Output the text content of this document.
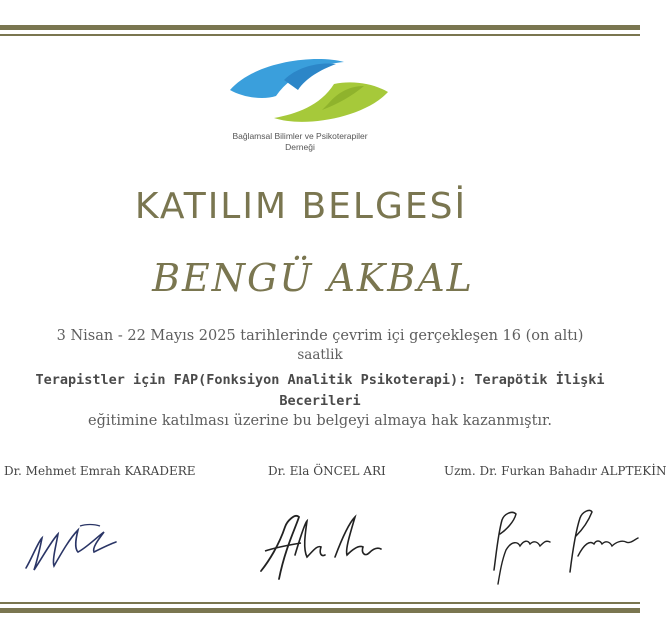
Bağlamsal Bilimler ve Psikoterapiler
Derneği
KATILIM BELGESİ
BENGÜ AKBAL
3 Nisan - 22 Mayıs 2025 tarihlerinde çevrim içi gerçekleşen 16 (on altı)
saatlik
Terapistler için FAP(Fonksiyon Analitik Psikoterapi): Terapötik İlişki
Becerileri
eğitimine katılması üzerine bu belgeyi almaya hak kazanmıştır.
Dr. Mehmet Emrah KARADERE	Dr. Ela ÖNCEL ARI	Uzm. Dr. Furkan Bahadır ALPTEKİN
